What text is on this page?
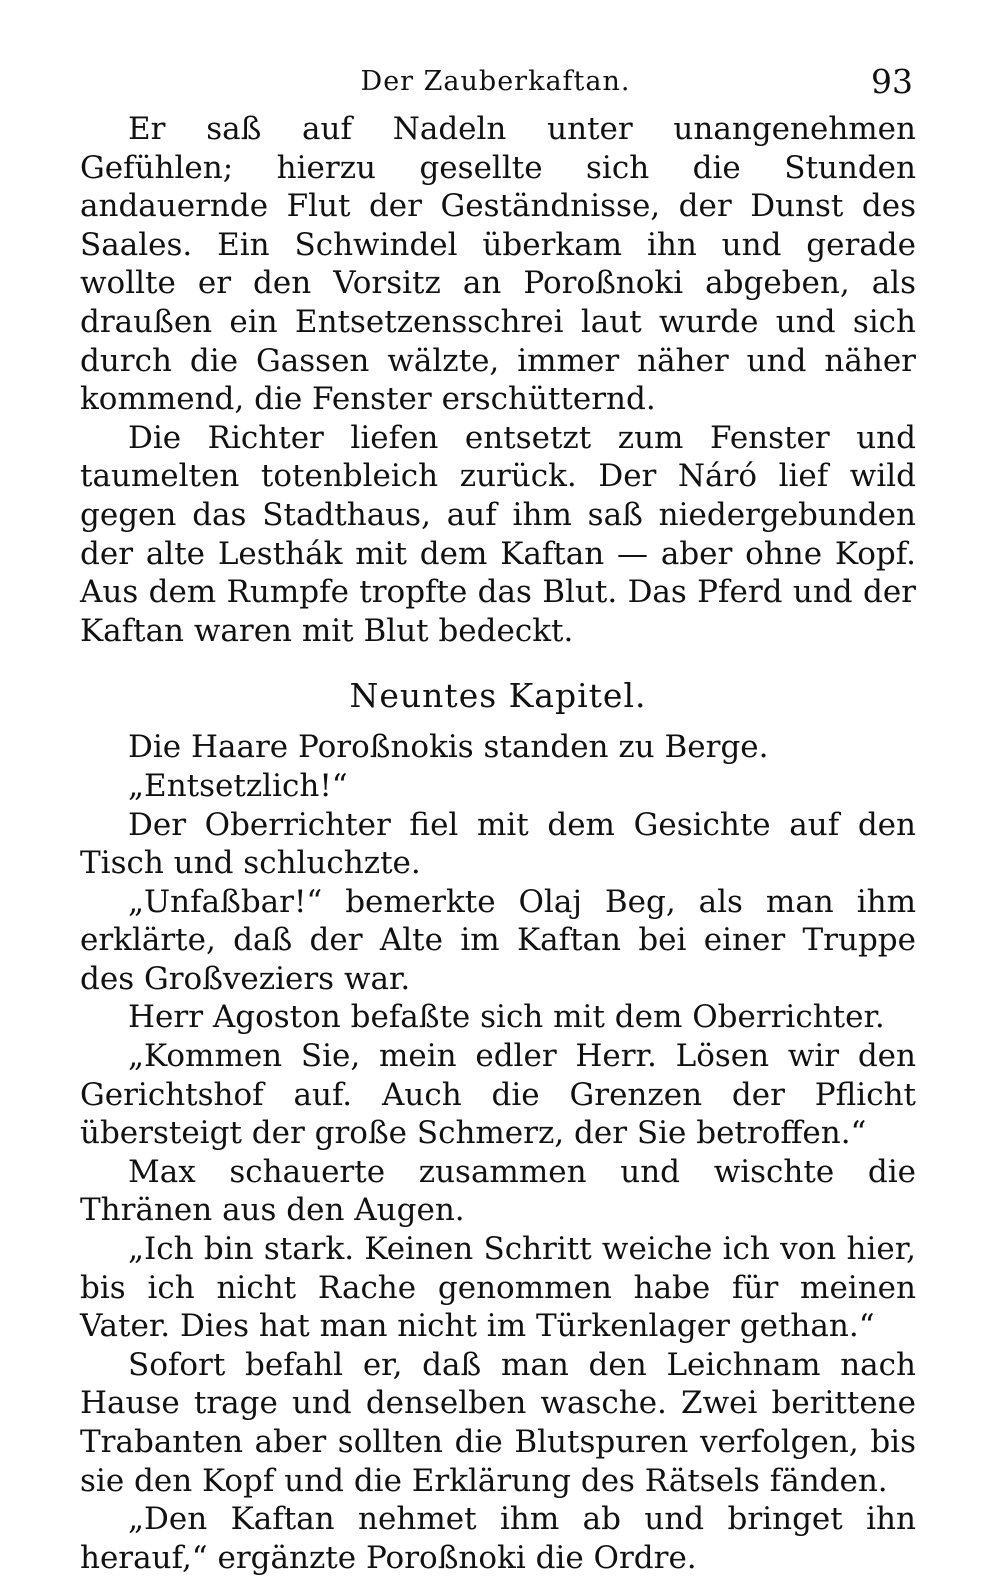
Der Zauberkaftan.	93

Er saß auf Nadeln unter unangenehmen Gefühlen; hierzu gesellte sich die Stunden andauernde Flut der Geständnisse, der Dunst des Saales. Ein Schwindel überkam ihn und gerade wollte er den Vorsitz an Poroßnoki abgeben, als draußen ein Entsetzensschrei laut wurde und sich durch die Gassen wälzte, immer näher und näher kommend, die Fenster erschütternd.

Die Richter liefen entsetzt zum Fenster und taumelten totenbleich zurück. Der Náró lief wild gegen das Stadthaus, auf ihm saß niedergebunden der alte Lesthák mit dem Kaftan — aber ohne Kopf. Aus dem Rumpfe tropfte das Blut. Das Pferd und der Kaftan waren mit Blut bedeckt.

Neuntes Kapitel.

Die Haare Poroßnokis standen zu Berge.

„Entsetzlich!“

Der Oberrichter fiel mit dem Gesichte auf den Tisch und schluchzte.

„Unfaßbar!“ bemerkte Olaj Beg, als man ihm erklärte, daß der Alte im Kaftan bei einer Truppe des Großveziers war.

Herr Agoston befaßte sich mit dem Oberrichter.

„Kommen Sie, mein edler Herr. Lösen wir den Gerichtshof auf. Auch die Grenzen der Pflicht übersteigt der große Schmerz, der Sie betroffen.“

Max schauerte zusammen und wischte die Thränen aus den Augen.

„Ich bin stark. Keinen Schritt weiche ich von hier, bis ich nicht Rache genommen habe für meinen Vater. Dies hat man nicht im Türkenlager gethan.“

Sofort befahl er, daß man den Leichnam nach Hause trage und denselben wasche. Zwei berittene Trabanten aber sollten die Blutspuren verfolgen, bis sie den Kopf und die Erklärung des Rätsels fänden.

„Den Kaftan nehmet ihm ab und bringet ihn herauf,“ ergänzte Poroßnoki die Ordre.
